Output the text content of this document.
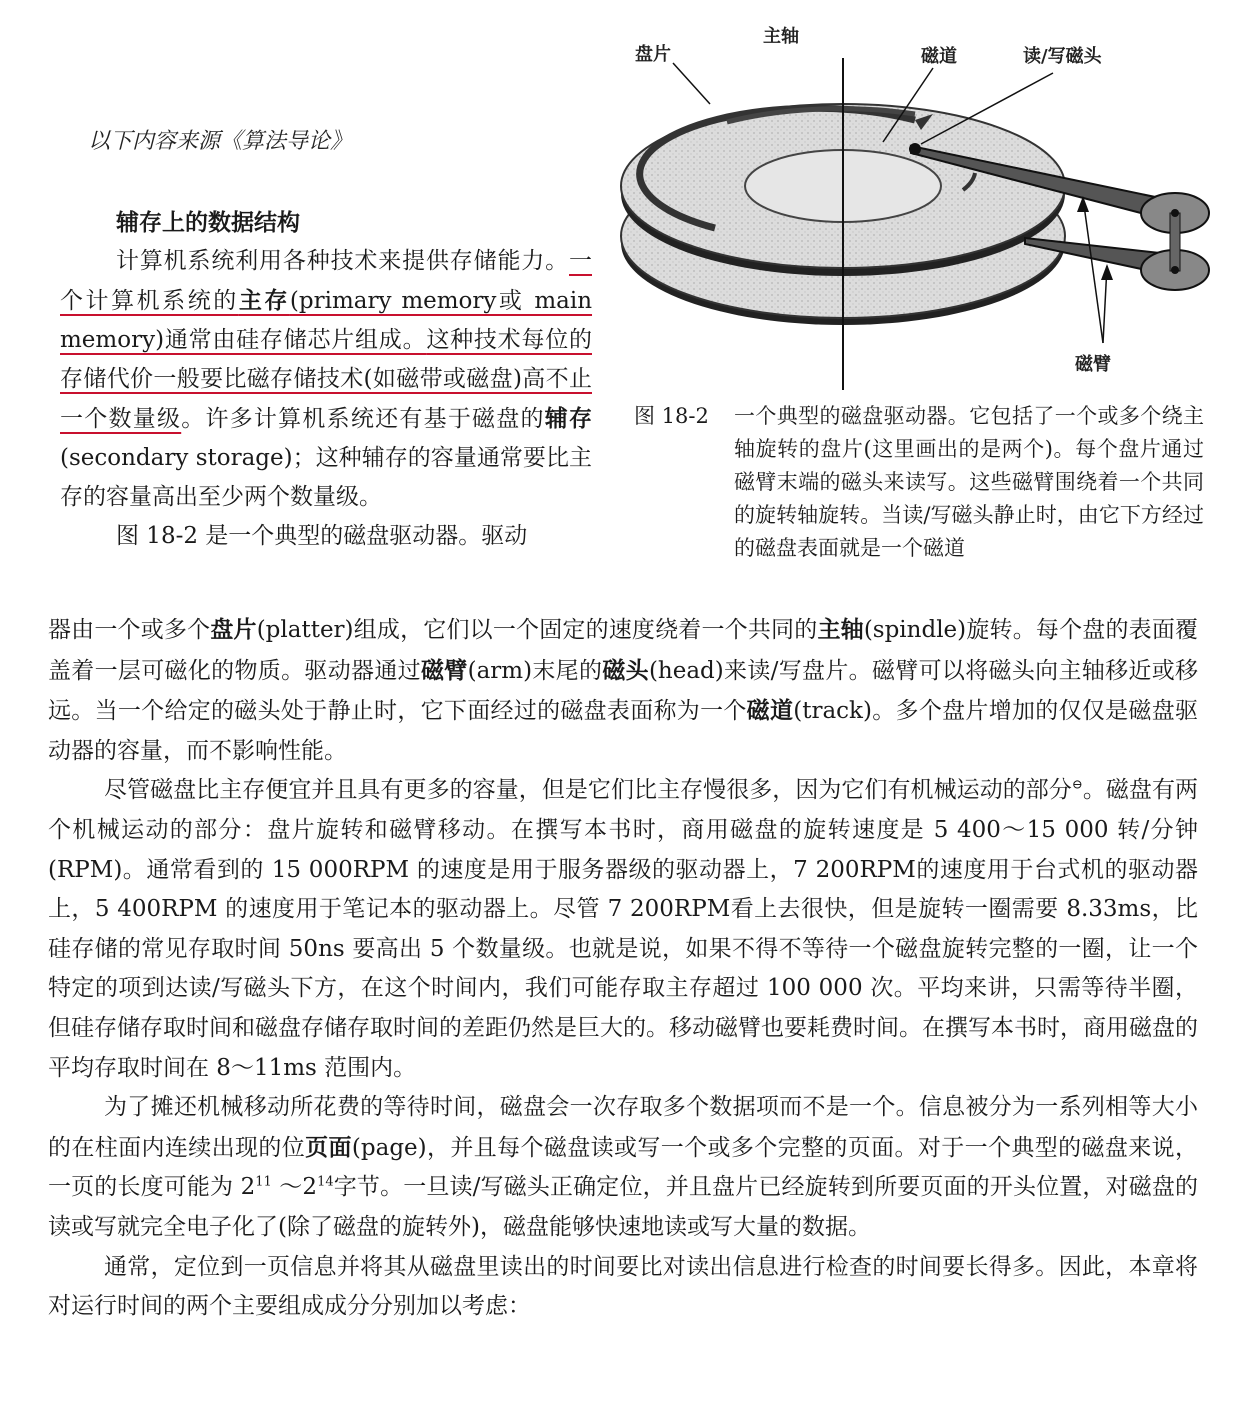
以下内容来源《算法导论》
辅存上的数据结构

计算机系统利用各种技术来提供存储能力。一个计算机系统的主存(primary memory或 main memory)通常由硅存储芯片组成。这种技术每位的存储代价一般要比磁存储技术(如磁带或磁盘)高不止一个数量级。许多计算机系统还有基于磁盘的辅存(secondary storage)；这种辅存的容量通常要比主存的容量高出至少两个数量级。

图 18-2 是一个典型的磁盘驱动器。驱动

盘片
主轴
磁道	读/写磁头
磁臂
图 18-2	一个典型的磁盘驱动器。它包括了一个或多个绕主轴旋转的盘片(这里画出的是两个)。每个盘片通过磁臂末端的磁头来读写。这些磁臂围绕着一个共同的旋转轴旋转。当读/写磁头静止时，由它下方经过的磁盘表面就是一个磁道

器由一个或多个盘片(platter)组成，它们以一个固定的速度绕着一个共同的主轴(spindle)旋转。每个盘的表面覆盖着一层可磁化的物质。驱动器通过磁臂(arm)末尾的磁头(head)来读/写盘片。磁臂可以将磁头向主轴移近或移远。当一个给定的磁头处于静止时，它下面经过的磁盘表面称为一个磁道(track)。多个盘片增加的仅仅是磁盘驱动器的容量，而不影响性能。

尽管磁盘比主存便宜并且具有更多的容量，但是它们比主存慢很多，因为它们有机械运动的部分⊖。磁盘有两个机械运动的部分：盘片旋转和磁臂移动。在撰写本书时，商用磁盘的旋转速度是 5 400～15 000 转/分钟(RPM)。通常看到的 15 000RPM 的速度是用于服务器级的驱动器上，7 200RPM的速度用于台式机的驱动器上，5 400RPM 的速度用于笔记本的驱动器上。尽管 7 200RPM看上去很快，但是旋转一圈需要 8.33ms，比硅存储的常见存取时间 50ns 要高出 5 个数量级。也就是说，如果不得不等待一个磁盘旋转完整的一圈，让一个特定的项到达读/写磁头下方，在这个时间内，我们可能存取主存超过 100 000 次。平均来讲，只需等待半圈，但硅存储存取时间和磁盘存储存取时间的差距仍然是巨大的。移动磁臂也要耗费时间。在撰写本书时，商用磁盘的平均存取时间在 8～11ms 范围内。

为了摊还机械移动所花费的等待时间，磁盘会一次存取多个数据项而不是一个。信息被分为一系列相等大小的在柱面内连续出现的位页面(page)，并且每个磁盘读或写一个或多个完整的页面。对于一个典型的磁盘来说，一页的长度可能为 $2^{11}$ $\sim 2^{14}$字节。一旦读/写磁头正确定位，并且盘片已经旋转到所要页面的开头位置，对磁盘的读或写就完全电子化了(除了磁盘的旋转外)，磁盘能够快速地读或写大量的数据。

通常，定位到一页信息并将其从磁盘里读出的时间要比对读出信息进行检查的时间要长得多。因此，本章将对运行时间的两个主要组成成分分别加以考虑：
